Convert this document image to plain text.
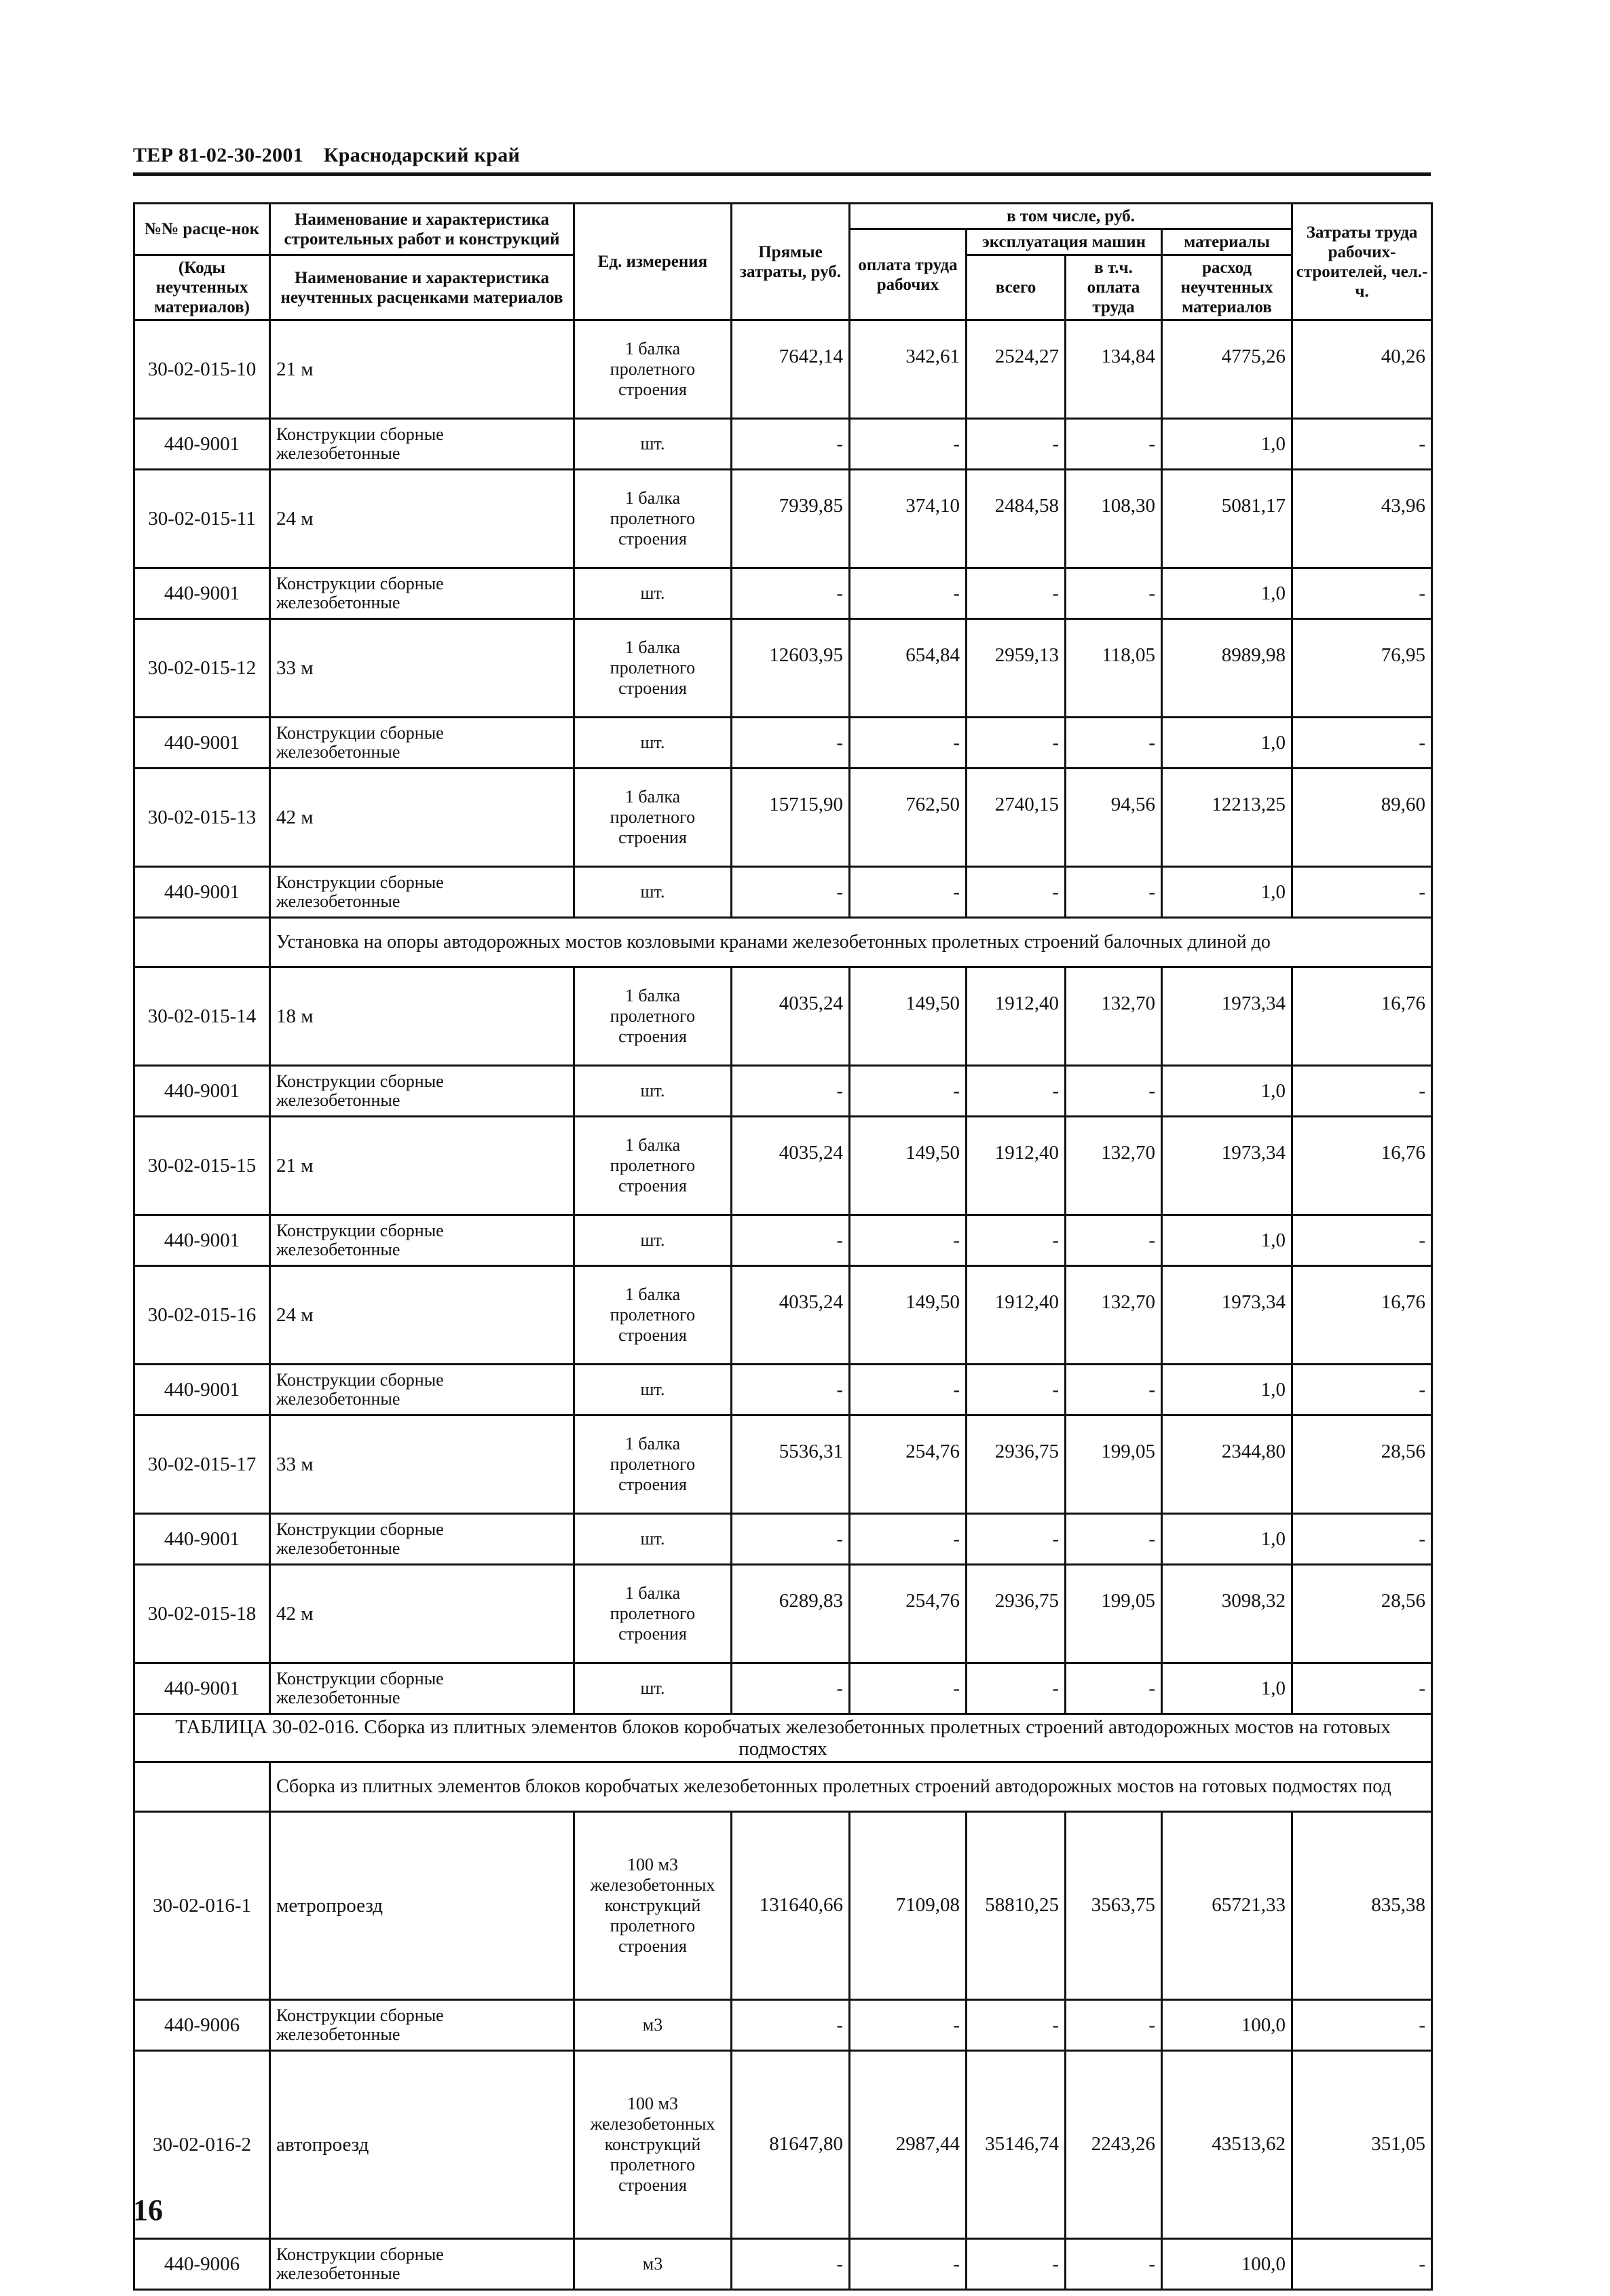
ТЕР 81-02-30-2001 Краснодарский край
№№ расце-нок	Наименование и характеристика строительных работ и конструкций	Ед. измерения	Прямые затраты, руб.	в том числе, руб.				Затраты труда рабочих-строителей, чел.-ч.
				оплата труда рабочих	эксплуатация машин		материалы	
(Коды неучтенных материалов)	Наименование и характеристика неучтенных расценками материалов				всего	в т.ч. оплата труда	расход неучтенных материалов	

30-02-015-10	21 м	1 балка пролетного строения	7642,14	342,61	2524,27	134,84	4775,26	40,26
440-9001	Конструкции сборные железобетонные	шт.	-	-	-	-	1,0	-
30-02-015-11	24 м	1 балка пролетного строения	7939,85	374,10	2484,58	108,30	5081,17	43,96
440-9001	Конструкции сборные железобетонные	шт.	-	-	-	-	1,0	-
30-02-015-12	33 м	1 балка пролетного строения	12603,95	654,84	2959,13	118,05	8989,98	76,95
440-9001	Конструкции сборные железобетонные	шт.	-	-	-	-	1,0	-
30-02-015-13	42 м	1 балка пролетного строения	15715,90	762,50	2740,15	94,56	12213,25	89,60
440-9001	Конструкции сборные железобетонные	шт.	-	-	-	-	1,0	-
	Установка на опоры автодорожных мостов козловыми кранами железобетонных пролетных строений балочных длиной до							
30-02-015-14	18 м	1 балка пролетного строения	4035,24	149,50	1912,40	132,70	1973,34	16,76
440-9001	Конструкции сборные железобетонные	шт.	-	-	-	-	1,0	-
30-02-015-15	21 м	1 балка пролетного строения	4035,24	149,50	1912,40	132,70	1973,34	16,76
440-9001	Конструкции сборные железобетонные	шт.	-	-	-	-	1,0	-
30-02-015-16	24 м	1 балка пролетного строения	4035,24	149,50	1912,40	132,70	1973,34	16,76
440-9001	Конструкции сборные железобетонные	шт.	-	-	-	-	1,0	-
30-02-015-17	33 м	1 балка пролетного строения	5536,31	254,76	2936,75	199,05	2344,80	28,56
440-9001	Конструкции сборные железобетонные	шт.	-	-	-	-	1,0	-
30-02-015-18	42 м	1 балка пролетного строения	6289,83	254,76	2936,75	199,05	3098,32	28,56
440-9001	Конструкции сборные железобетонные	шт.	-	-	-	-	1,0	-
ТАБЛИЦА 30-02-016. Сборка из плитных элементов блоков коробчатых железобетонных пролетных строений автодорожных мостов на готовых подмостях								
	Сборка из плитных элементов блоков коробчатых железобетонных пролетных строений автодорожных мостов на готовых подмостях под							
30-02-016-1	метропроезд	100 м3 железобетонных конструкций пролетного строения	131640,66	7109,08	58810,25	3563,75	65721,33	835,38
440-9006	Конструкции сборные железобетонные	м3	-	-	-	-	100,0	-
30-02-016-2	автопроезд	100 м3 железобетонных конструкций пролетного строения	81647,80	2987,44	35146,74	2243,26	43513,62	351,05
440-9006	Конструкции сборные железобетонные	м3	-	-	-	-	100,0	-
16
